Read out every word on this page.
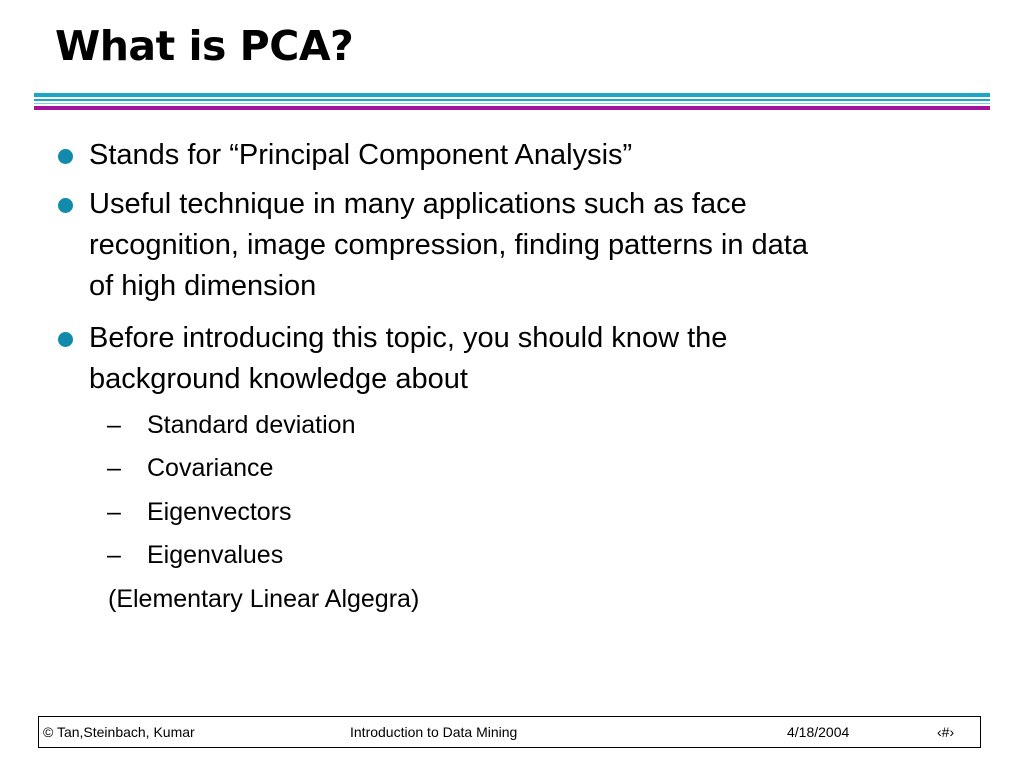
What is PCA?
Stands for “Principal Component Analysis”
Useful technique in many applications such as face
recognition, image compression, finding patterns in data
of high dimension
Before introducing this topic, you should know the
background knowledge about
– Standard deviation
– Covariance
– Eigenvectors
– Eigenvalues
(Elementary Linear Algegra)
© Tan,Steinbach, Kumar	Introduction to Data Mining	4/18/2004	‹#›
